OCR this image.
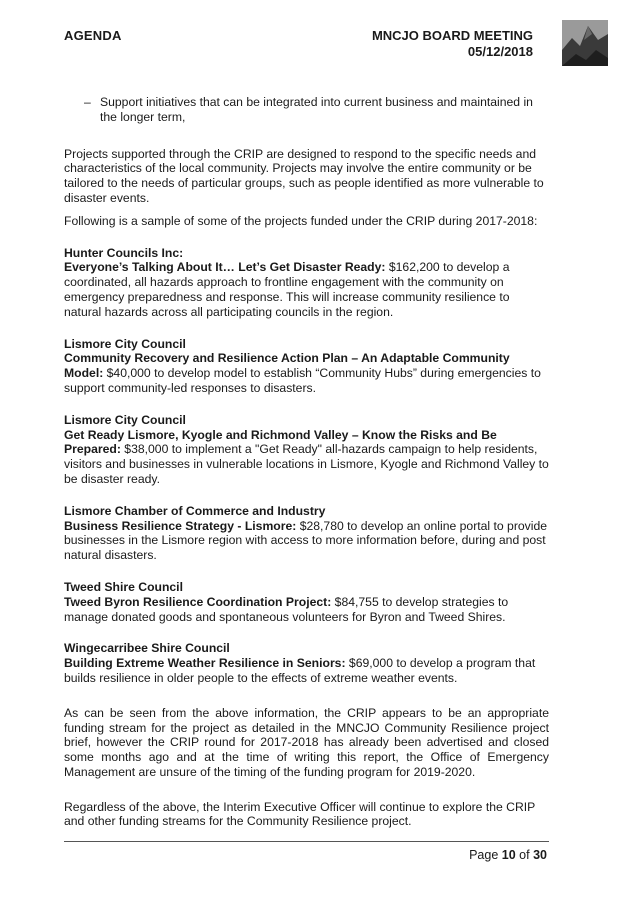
AGENDA	MNCJO BOARD MEETING
05/12/2018
– Support initiatives that can be integrated into current business and maintained in the longer term,

Projects supported through the CRIP are designed to respond to the specific needs and characteristics of the local community. Projects may involve the entire community or be tailored to the needs of particular groups, such as people identified as more vulnerable to disaster events.

Following is a sample of some of the projects funded under the CRIP during 2017-2018:

Hunter Councils Inc:
Everyone’s Talking About It… Let’s Get Disaster Ready: $162,200 to develop a coordinated, all hazards approach to frontline engagement with the community on emergency preparedness and response. This will increase community resilience to natural hazards across all participating councils in the region.
Lismore City Council
Community Recovery and Resilience Action Plan – An Adaptable Community Model: $40,000 to develop model to establish “Community Hubs” during emergencies to support community-led responses to disasters.
Lismore City Council
Get Ready Lismore, Kyogle and Richmond Valley – Know the Risks and Be Prepared: $38,000 to implement a "Get Ready" all-hazards campaign to help residents, visitors and businesses in vulnerable locations in Lismore, Kyogle and Richmond Valley to be disaster ready.
Lismore Chamber of Commerce and Industry
Business Resilience Strategy - Lismore: $28,780 to develop an online portal to provide businesses in the Lismore region with access to more information before, during and post natural disasters.
Tweed Shire Council
Tweed Byron Resilience Coordination Project: $84,755 to develop strategies to manage donated goods and spontaneous volunteers for Byron and Tweed Shires.
Wingecarribee Shire Council
Building Extreme Weather Resilience in Seniors: $69,000 to develop a program that builds resilience in older people to the effects of extreme weather events.

As can be seen from the above information, the CRIP appears to be an appropriate funding stream for the project as detailed in the MNCJO Community Resilience project brief, however the CRIP round for 2017-2018 has already been advertised and closed some months ago and at the time of writing this report, the Office of Emergency Management are unsure of the timing of the funding program for 2019-2020.

Regardless of the above, the Interim Executive Officer will continue to explore the CRIP and other funding streams for the Community Resilience project.

Page 10 of 30
